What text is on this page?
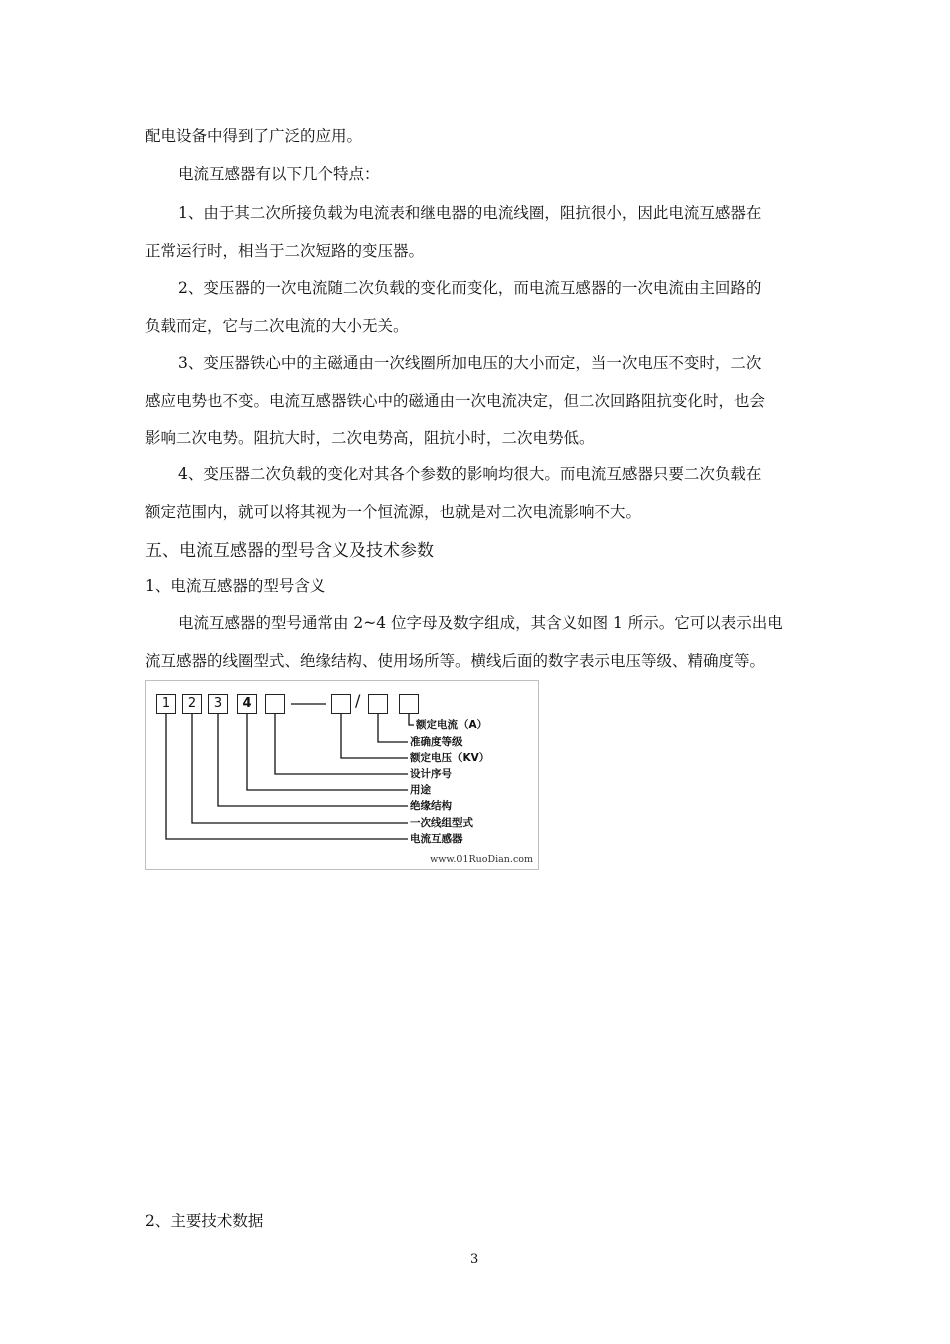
配电设备中得到了广泛的应用。
电流互感器有以下几个特点：
1、由于其二次所接负载为电流表和继电器的电流线圈，阻抗很小，因此电流互感器在
正常运行时，相当于二次短路的变压器。
2、变压器的一次电流随二次负载的变化而变化，而电流互感器的一次电流由主回路的
负载而定，它与二次电流的大小无关。
3、变压器铁心中的主磁通由一次线圈所加电压的大小而定，当一次电压不变时，二次
感应电势也不变。电流互感器铁心中的磁通由一次电流决定，但二次回路阻抗变化时，也会
影响二次电势。阻抗大时，二次电势高，阻抗小时，二次电势低。
4、变压器二次负载的变化对其各个参数的影响均很大。而电流互感器只要二次负载在
额定范围内，就可以将其视为一个恒流源，也就是对二次电流影响不大。
五、电流互感器的型号含义及技术参数
1、电流互感器的型号含义
电流互感器的型号通常由 2~4 位字母及数字组成，其含义如图 1 所示。它可以表示出电
流互感器的线圈型式、绝缘结构、使用场所等。横线后面的数字表示电压等级、精确度等。
1	2	3	4	/
额定电流（A）
准确度等级
额定电压（KV）
设计序号
用途
绝缘结构
一次线组型式
电流互感器
www.01RuoDian.com
2、主要技术数据
3
